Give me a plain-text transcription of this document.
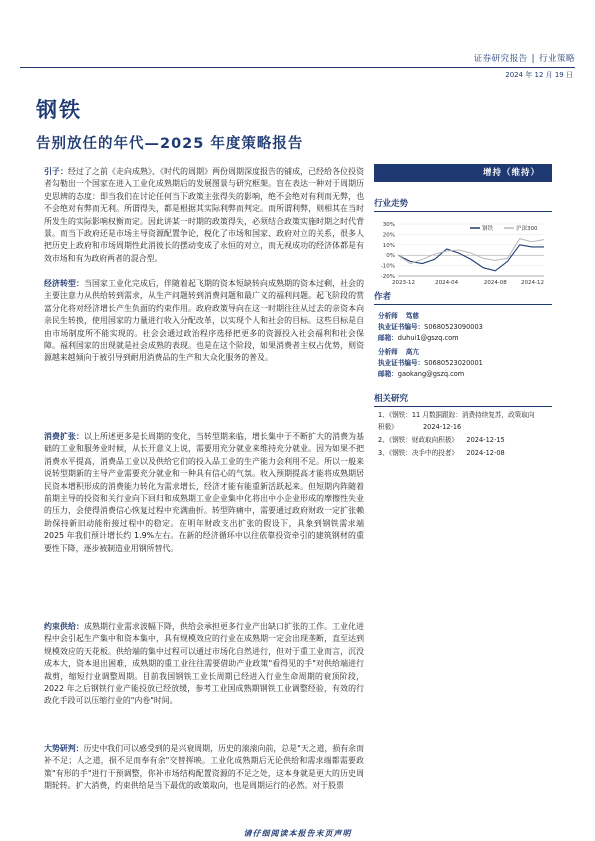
证券研究报告 | 行业策略
2024 年 12 月 19 日
钢铁
告别放任的年代—2025 年度策略报告
引子：经过了之前《走向成熟》、《时代的周期》两份周期深度报告的铺成，已经给各位投资者勾勒出一个国家在进入工业化成熟期后的发展图景与研究框架。盲在表达一种对于周期历史思辨的态度：即当我们在讨论任何当下政策主张得失的影响，绝不会绝对有利而无弊，也不会绝对有弊而无利。所谓得失，都是根据其实际利弊而判定。而所谓利弊，则相其在当时所发生的实际影响权衡而定。因此讲某一时期的政策得失，必须结合政策实施时期之时代背景。而当下政府还是市场主导资源配置争论，税化了市场和国家、政府对立的关系，很多人把历史上政府和市场周期性此消彼长的摆动变成了永恒的对立，而无视成功的经济体都是有效市场和有为政府两者的混合型。
经济转型：当国家工业化完成后，伴随着起飞期的资本短缺转向成熟期的资本过剩，社会的主要注意力从供给转到需求，从生产问题转到消费问题和最广义的福利问题。起飞阶段的赏富分化将对经济增长产生负面的约束作用。政府政策导向在这一时期往往从过去的亲资本向亲民生转换，使用国家的力量进行收入分配改革，以实现个人和社会的目标。这些目标是自由市场制度所不能实现的。社会会通过政治程序选择把更多的资源投入社会福利和社会保障。福利国家的出现就是社会成熟的表现。也是在这个阶段，如果消费者主权占优势，则资源越来越倾向于被引导到耐用消费品的生产和大众化服务的普及。
消费扩张：以上所述更多是长周期的变化，当转型期来临，增长集中于不断扩大的消费为基础的工业和服务业时候，从长开意义上说，需要用充分就业来维持充分就业。因为如果不把消费水平提高，消费品工业以及供给它们的投入品工业的生产能力会利用不足。所以一般来说转型期新的主导产业需要充分就业和一种具有信心的气氛。收入预期提高才能将成熟期居民资本增积形成的消费能力转化为需求增长，经济才能有能重新活跃起来。但短期内阵随着前期主导的投资和关行业向下回归和成熟期工业企业集中化将出中小企业形成的摩擦性失业的压力，会使得消费信心恢复过程中充满曲折。转型阵痛中，需要通过政府财政一定扩张赖助保持新旧动能衔接过程中的稳定。在明年财政支出扩张的假设下，具象到钢铁需求端 2025 年我们预计增长约 1.9%左右。在新的经济循环中以往依靠投资牵引的建筑钢材的重要性下降，逐步被制造业用钢所替代。
约束供给：成熟期行业需求波幅下降，供给会承担更多行业产出缺口扩张的工作。工业化进程中会引起生产集中和资本集中，具有规模效应的行业在成熟期一定会出现垄断，直至达到规模效应的天花板。供给端的集中过程可以通过市场化自然进行，但对于重工业而言，沉没成本大，资本退出困难，成熟期的重工业往往需要借助产业政策"看得见的手"对供给端进行裁剪，缩短行业调整周期。目前我国钢铁工业长周期已经进入行业生命周期的衰顶阶段，2022 年之后钢铁行业产能投放已经放缓，参考工业国成熟期钢铁工业调整经验，有效的行政化手段可以压缩行业的"内卷"时间。
大势研判：历史中我们可以感受到的是兴衰周期，历史的滚滚向前，总是"天之道，损有余而补不足；人之道，损不足而奉有余"交替挥映。工业化成熟期后无论供给和需求端都需要政策"有形的手"进行干预调整，你补市场结构配置资源的不足之处，这本身就是更大的历史周期轮转。扩大消费，约束供给是当下最优的政策取向，也是周期运行的必然。对于股票
增持（维持）
行业走势
-20%
-10%
0%
10%
20%
30%
2023-12	2024-04	2024-08	2024-12
钢铁	沪深300
作者
分析师 笃慈
执业证书编号：S0680523090003
邮箱：duhui1@gszq.com
分析师 高亢
执业证书编号：S0680523020001
邮箱：gaokang@gszq.com
相关研究
1、《钢铁：11 月数据跟踪：消费持续复苏，政策取向
积极》	2024-12-16
2、《钢铁：财政取向积极》 2024-12-15
3、《钢铁：决手中的投者》 2024-12-08
请仔细阅读本报告末页声明
